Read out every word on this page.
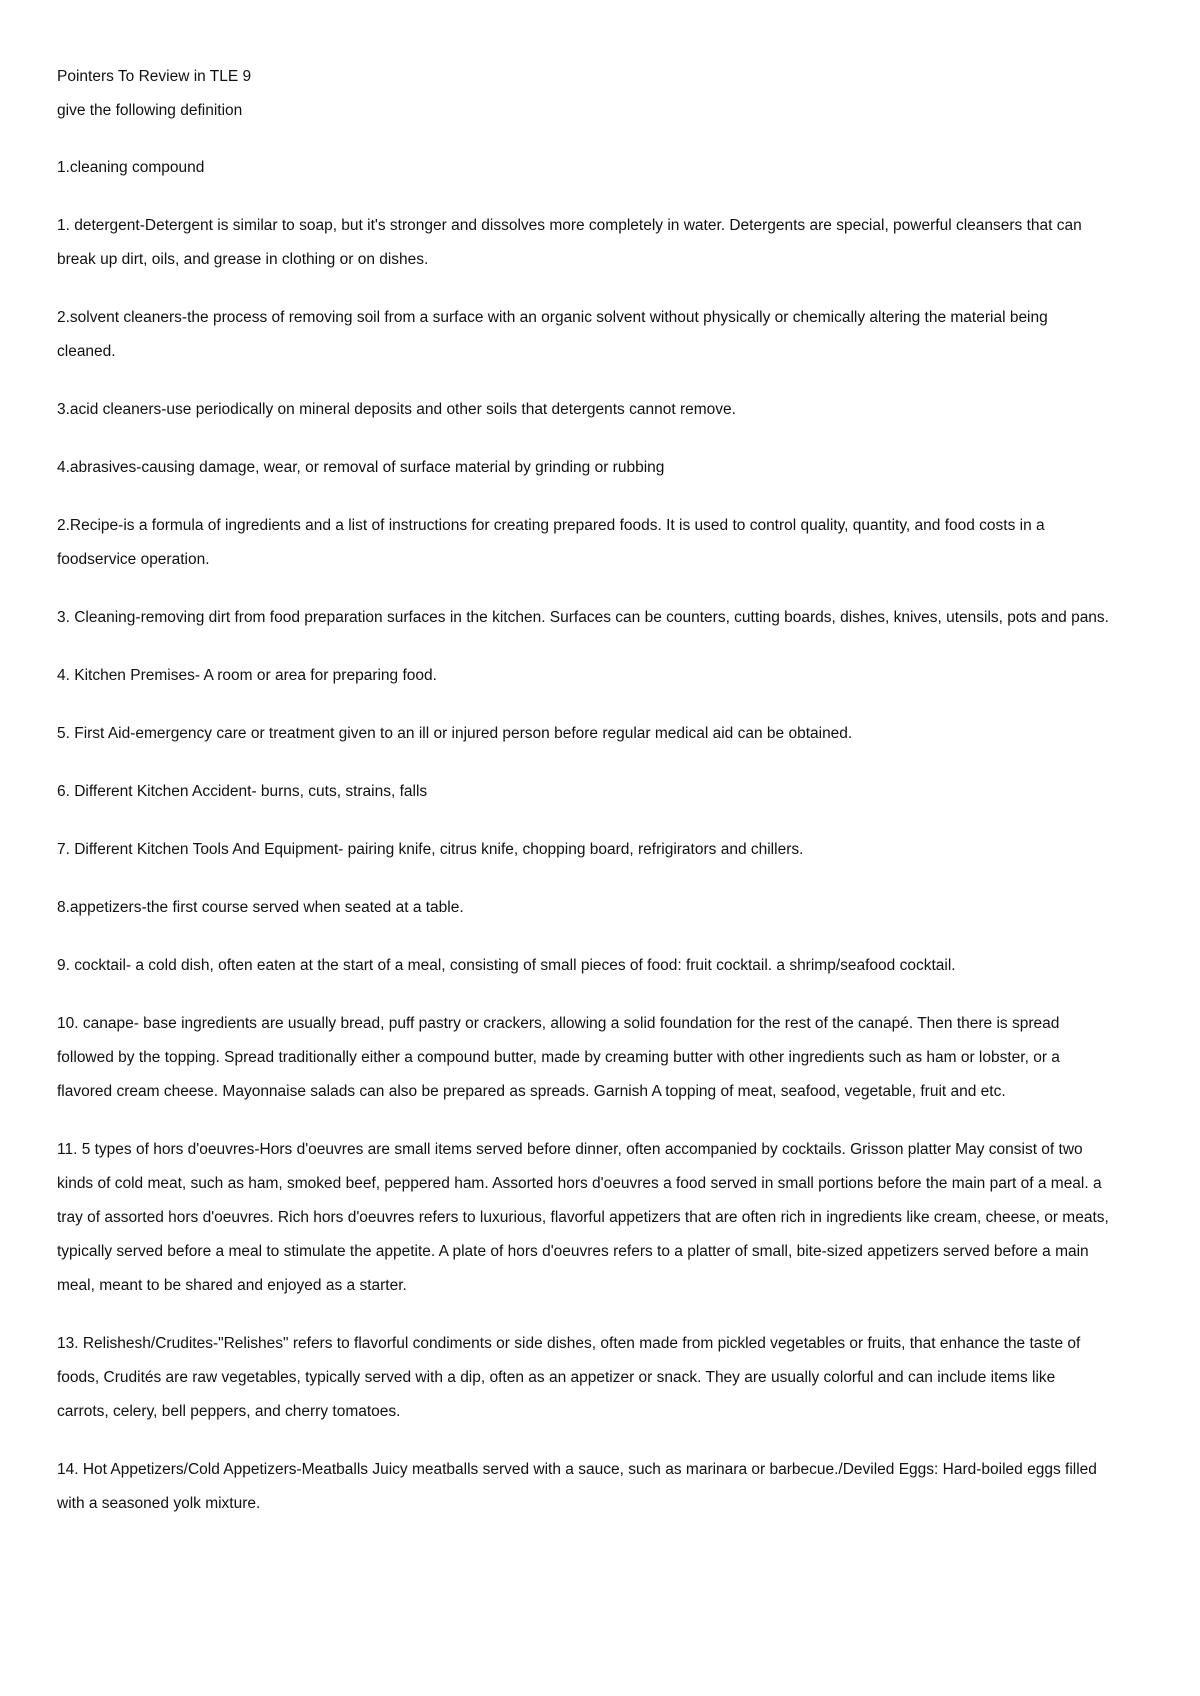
Pointers To Review in TLE 9

give the following definition

1.cleaning compound

1. detergent-Detergent is similar to soap, but it's stronger and dissolves more completely in water. Detergents are special, powerful cleansers that can break up dirt, oils, and grease in clothing or on dishes.

2.solvent cleaners-the process of removing soil from a surface with an organic solvent without physically or chemically altering the material being cleaned.

3.acid cleaners-use periodically on mineral deposits and other soils that detergents cannot remove.

4.abrasives-causing damage, wear, or removal of surface material by grinding or rubbing

2.Recipe-is a formula of ingredients and a list of instructions for creating prepared foods. It is used to control quality, quantity, and food costs in a foodservice operation.

3. Cleaning-removing dirt from food preparation surfaces in the kitchen. Surfaces can be counters, cutting boards, dishes, knives, utensils, pots and pans.

4. Kitchen Premises- A room or area for preparing food.

5. First Aid-emergency care or treatment given to an ill or injured person before regular medical aid can be obtained.

6. Different Kitchen Accident- burns, cuts, strains, falls

7. Different Kitchen Tools And Equipment- pairing knife, citrus knife, chopping board, refrigirators and chillers.

8.appetizers-the first course served when seated at a table.

9. cocktail- a cold dish, often eaten at the start of a meal, consisting of small pieces of food: fruit cocktail. a shrimp/seafood cocktail.

10. canape- base ingredients are usually bread, puff pastry or crackers, allowing a solid foundation for the rest of the canapé. Then there is spread followed by the topping. Spread traditionally either a compound butter, made by creaming butter with other ingredients such as ham or lobster, or a flavored cream cheese. Mayonnaise salads can also be prepared as spreads. Garnish A topping of meat, seafood, vegetable, fruit and etc.

11. 5 types of hors d'oeuvres-Hors d'oeuvres are small items served before dinner, often accompanied by cocktails. Grisson platter May consist of two kinds of cold meat, such as ham, smoked beef, peppered ham. Assorted hors d'oeuvres a food served in small portions before the main part of a meal. a tray of assorted hors d'oeuvres. Rich hors d'oeuvres refers to luxurious, flavorful appetizers that are often rich in ingredients like cream, cheese, or meats, typically served before a meal to stimulate the appetite. A plate of hors d'oeuvres refers to a platter of small, bite-sized appetizers served before a main meal, meant to be shared and enjoyed as a starter.

13. Relishesh/Crudites-"Relishes" refers to flavorful condiments or side dishes, often made from pickled vegetables or fruits, that enhance the taste of foods, Crudités are raw vegetables, typically served with a dip, often as an appetizer or snack. They are usually colorful and can include items like carrots, celery, bell peppers, and cherry tomatoes.

14. Hot Appetizers/Cold Appetizers-Meatballs Juicy meatballs served with a sauce, such as marinara or barbecue./Deviled Eggs: Hard-boiled eggs filled with a seasoned yolk mixture.
